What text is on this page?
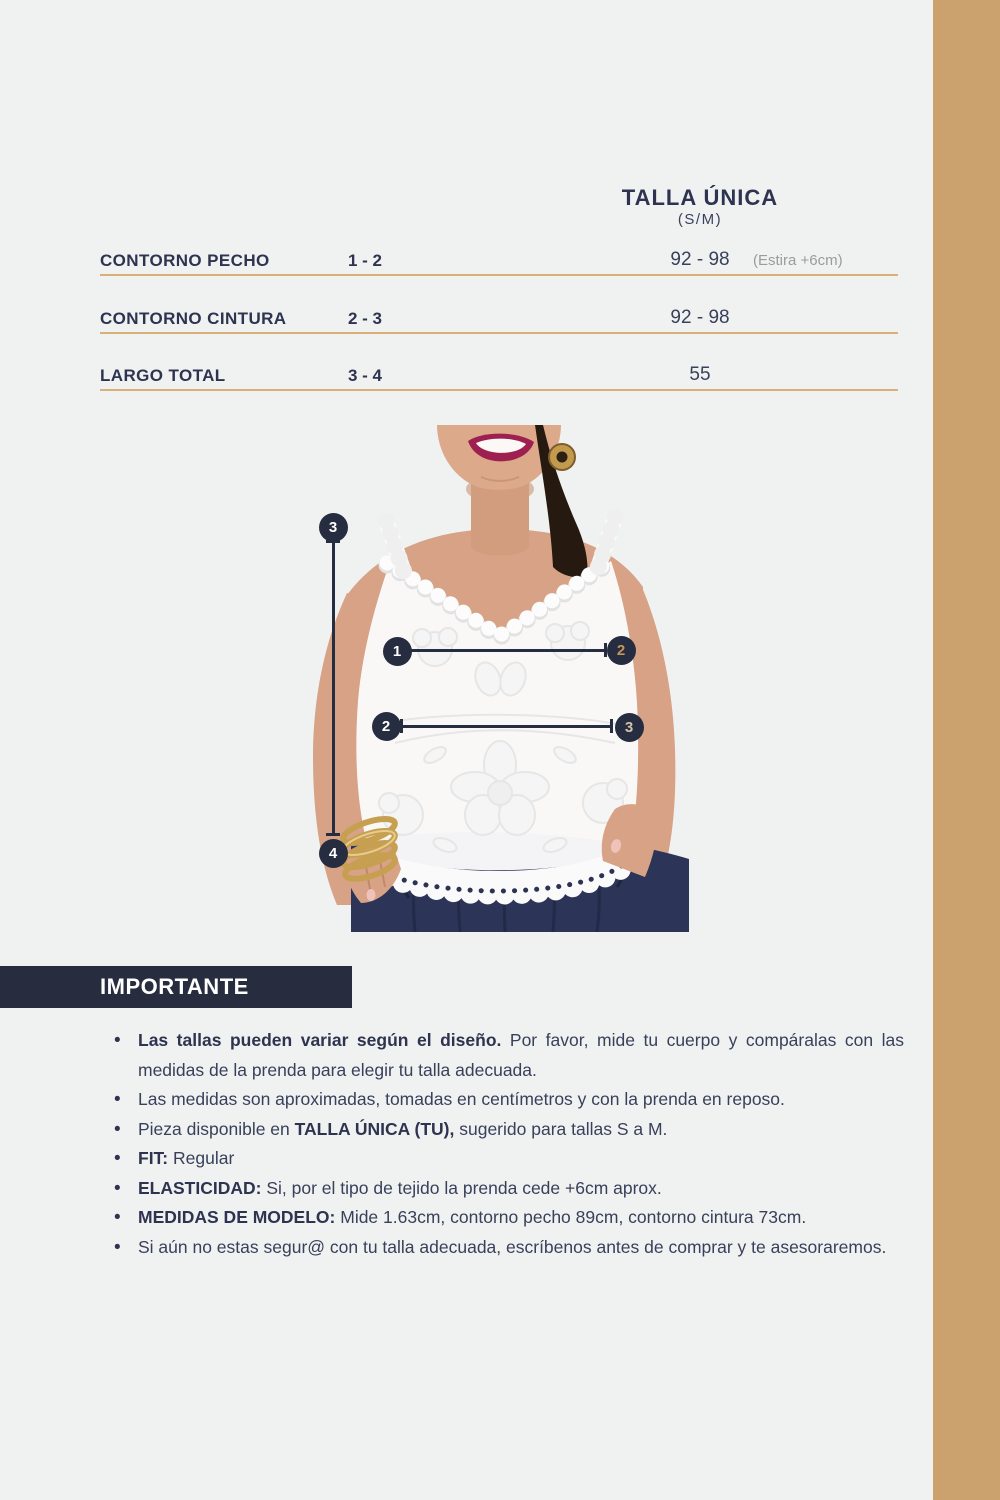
TALLA ÚNICA
(S/M)
CONTORNO PECHO	1 - 2	92 - 98	(Estira +6cm)
CONTORNO CINTURA	2 - 3	92 - 98
LARGO TOTAL	3 - 4	55
3
4
1	2
2	3
IMPORTANTE
• Las tallas pueden variar según el diseño. Por favor, mide tu cuerpo y compáralas con las medidas de la prenda para elegir tu talla adecuada.
• Las medidas son aproximadas, tomadas en centímetros y con la prenda en reposo.
• Pieza disponible en TALLA ÚNICA (TU), sugerido para tallas S a M.
• FIT: Regular
• ELASTICIDAD: Si, por el tipo de tejido la prenda cede +6cm aprox.
• MEDIDAS DE MODELO: Mide 1.63cm, contorno pecho 89cm, contorno cintura 73cm.
• Si aún no estas segur@ con tu talla adecuada, escríbenos antes de comprar y te asesoraremos.
